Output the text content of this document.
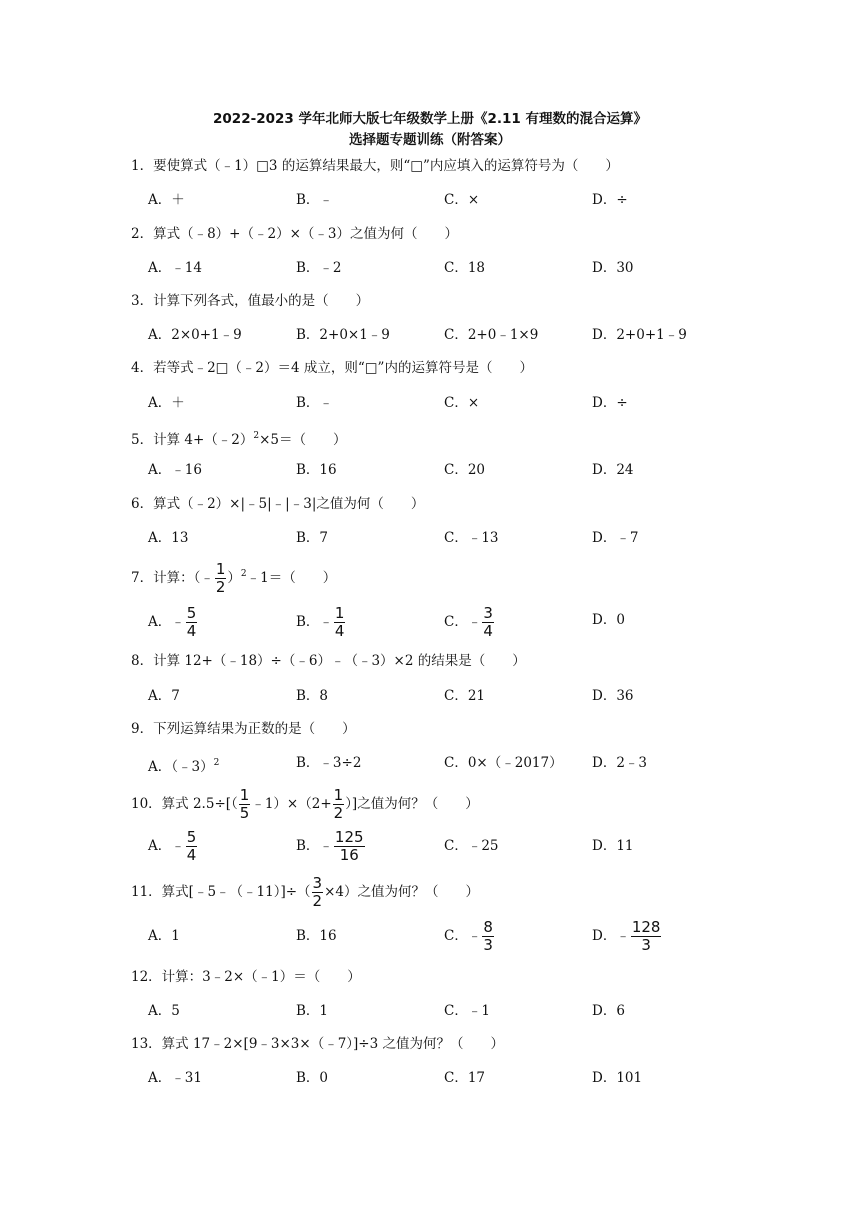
2022-2023 学年北师大版七年级数学上册《2.11 有理数的混合运算》
选择题专题训练（附答案）
1．要使算式（﹣1）□3 的运算结果最大，则“□”内应填入的运算符号为（　　）
A．＋	B．﹣	C．×	D．÷
2．算式（﹣8）+（﹣2）×（﹣3）之值为何（　　）
A．﹣14	B．﹣2	C．18	D．30
3．计算下列各式，值最小的是（　　）
A．2×0+1﹣9	B．2+0×1﹣9	C．2+0﹣1×9	D．2+0+1﹣9
4．若等式﹣2□（﹣2）＝4 成立，则“□”内的运算符号是（　　）
A．＋	B．﹣	C．×	D．÷
5．计算 4+（﹣2）$^2$×5＝（　　）
A．﹣16	B．16	C．20	D．24
6．算式（﹣2）×|﹣5|﹣|﹣3|之值为何（　　）
A．13	B．7	C．﹣13	D．﹣7
7．计算：（﹣ $\frac{1}{2}$ ）$^2$﹣1＝（　　）
A．﹣ $\frac{5}{4}$	B．﹣ $\frac{1}{4}$	C．﹣ $\frac{3}{4}$	D．0
8．计算 12+（﹣18）÷（﹣6）﹣（﹣3）×2 的结果是（　　）
A．7	B．8	C．21	D．36
9．下列运算结果为正数的是（　　）
A．（﹣3）$^2$	B．﹣3÷2	C．0×（﹣2017） D．2﹣3
10．算式 $2.5\div[( \frac{1}{5}$ ﹣1）×（2+ $\frac{1}{2}$ ）]之值为何？（　　）
A．﹣ $\frac{5}{4}$	B．﹣ $\frac{125}{16}$	C．﹣25	D．11
11．算式[﹣5﹣（﹣11）]÷（ $\frac{3}{2} \times 4$）之值为何？（　　）
A．1	B．16	C．﹣ $\frac{8}{3}$	D．﹣ $\frac{128}{3}$
12．计算：3﹣2×（﹣1）＝（　　）
A．5	B．1	C．﹣1	D．6
13．算式 17﹣2×[9﹣3×3×（﹣7）]÷3 之值为何？（　　）
A．﹣31	B．0	C．17	D．101
